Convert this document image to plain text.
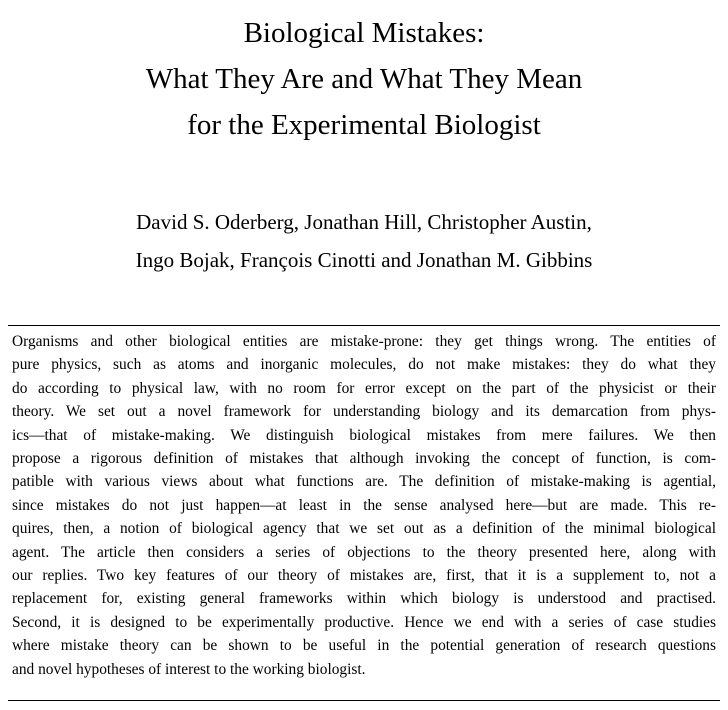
Biological Mistakes:
What They Are and What They Mean
for the Experimental Biologist
David S. Oderberg, Jonathan Hill, Christopher Austin,
Ingo Bojak, François Cinotti and Jonathan M. Gibbins
Organisms and other biological entities are mistake-prone: they get things wrong. The entities of
pure physics, such as atoms and inorganic molecules, do not make mistakes: they do what they
do according to physical law, with no room for error except on the part of the physicist or their
theory. We set out a novel framework for understanding biology and its demarcation from phys-
ics—that of mistake-making. We distinguish biological mistakes from mere failures. We then
propose a rigorous definition of mistakes that although invoking the concept of function, is com-
patible with various views about what functions are. The definition of mistake-making is agential,
since mistakes do not just happen—at least in the sense analysed here—but are made. This re-
quires, then, a notion of biological agency that we set out as a definition of the minimal biological
agent. The article then considers a series of objections to the theory presented here, along with
our replies. Two key features of our theory of mistakes are, first, that it is a supplement to, not a
replacement for, existing general frameworks within which biology is understood and practised.
Second, it is designed to be experimentally productive. Hence we end with a series of case studies
where mistake theory can be shown to be useful in the potential generation of research questions
and novel hypotheses of interest to the working biologist.
